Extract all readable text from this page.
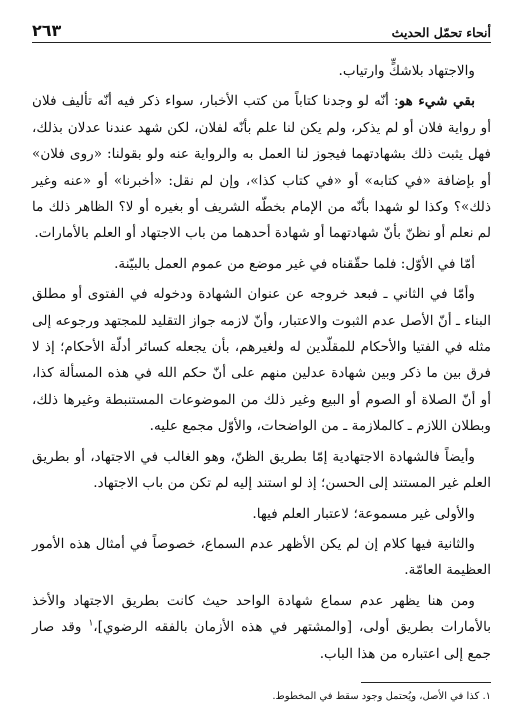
أنحاء تحمّل الحديث
٢٦٣

والاجتهاد بلاشكٍّ وارتياب.

بقي شيء هو: أنّه لو وجدنا كتاباً من كتب الأخبار، سواء ذكر فيه أنّه تأليف فلان أو رواية فلان أو لم يذكر، ولم يكن لنا علم بأنّه لفلان، لكن شهد عندنا عدلان بذلك، فهل يثبت ذلك بشهادتهما فيجوز لنا العمل به والرواية عنه ولو بقولنا: «روى فلان» أو بإضافة «في كتابه» أو «في كتاب كذا»، وإن لم نقل: «أخبرنا» أو «عنه وغير ذلك»؟ وكذا لو شهدا بأنّه من الإمام بخطّه الشريف أو بغيره أو لا؟ الظاهر ذلك ما لم نعلم أو نظنّ بأنّ شهادتهما أو شهادة أحدهما من باب الاجتهاد أو العلم بالأمارات.

أمّا في الأوّل: فلما حقّقناه في غير موضع من عموم العمل بالبيّنة.

وأمّا في الثاني ـ فبعد خروجه عن عنوان الشهادة ودخوله في الفتوى أو مطلق البناء ـ أنّ الأصل عدم الثبوت والاعتبار، وأنّ لازمه جواز التقليد للمجتهد ورجوعه إلى مثله في الفتيا والأحكام للمقلّدين له ولغيرهم، بأن يجعله كسائر أدلّة الأحكام؛ إذ لا فرق بين ما ذكر وبين شهادة عدلين منهم على أنّ حكم الله في هذه المسألة كذا، أو أنّ الصلاة أو الصوم أو البيع وغير ذلك من الموضوعات المستنبطة وغيرها ذلك، وبطلان اللازم ـ كالملازمة ـ من الواضحات، والأوّل مجمع عليه.

وأيضاً فالشهادة الاجتهادية إمّا بطريق الظنّ، وهو الغالب في الاجتهاد، أو بطريق العلم غير المستند إلى الحسن؛ إذ لو استند إليه لم تكن من باب الاجتهاد.

والأولى غير مسموعة؛ لاعتبار العلم فيها.

والثانية فيها كلام إن لم يكن الأظهر عدم السماع، خصوصاً في أمثال هذه الأمور العظيمة العامّة.

ومن هنا يظهر عدم سماع شهادة الواحد حيث كانت بطريق الاجتهاد والأخذ بالأمارات بطريق أولى، [والمشتهر في هذه الأزمان بالفقه الرضوي]،$^١$ وقد صار جمع إلى اعتباره من هذا الباب.

١. كذا في الأصل، ويُحتمل وجود سقط في المخطوط.
